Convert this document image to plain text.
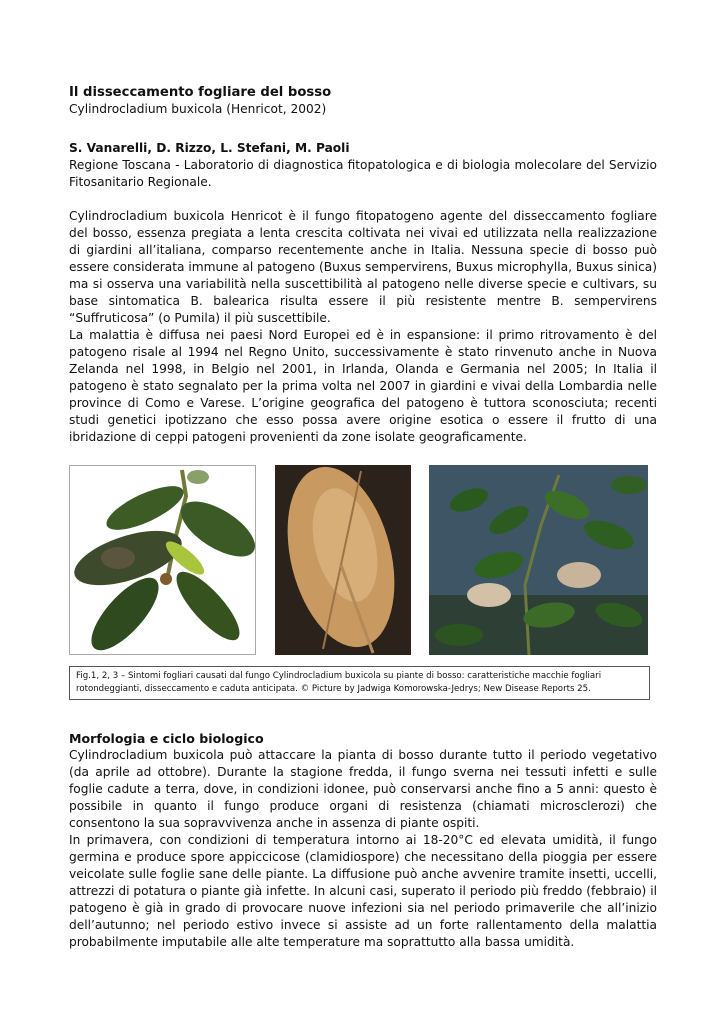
Il disseccamento fogliare del bosso

Cylindrocladium buxicola (Henricot, 2002)

S. Vanarelli, D. Rizzo, L. Stefani, M. Paoli

Regione Toscana - Laboratorio di diagnostica fitopatologica e di biologia molecolare del Servizio Fitosanitario Regionale.

Cylindrocladium buxicola Henricot è il fungo fitopatogeno agente del disseccamento fogliare del bosso, essenza pregiata a lenta crescita coltivata nei vivai ed utilizzata nella realizzazione di giardini all’italiana, comparso recentemente anche in Italia. Nessuna specie di bosso può essere considerata immune al patogeno (Buxus sempervirens, Buxus microphylla, Buxus sinica) ma si osserva una variabilità nella suscettibilità al patogeno nelle diverse specie e cultivars, su base sintomatica B. balearica risulta essere il più resistente mentre B. sempervirens “Suffruticosa” (o Pumila) il più suscettibile.

La malattia è diffusa nei paesi Nord Europei ed è in espansione: il primo ritrovamento è del patogeno risale al 1994 nel Regno Unito, successivamente è stato rinvenuto anche in Nuova Zelanda nel 1998, in Belgio nel 2001, in Irlanda, Olanda e Germania nel 2005; In Italia il patogeno è stato segnalato per la prima volta nel 2007 in giardini e vivai della Lombardia nelle province di Como e Varese. L’origine geografica del patogeno è tuttora sconosciuta; recenti studi genetici ipotizzano che esso possa avere origine esotica o essere il frutto di una ibridazione di ceppi patogeni provenienti da zone isolate geograficamente.

Fig.1, 2, 3 – Sintomi fogliari causati dal fungo Cylindrocladium buxicola su piante di bosso: caratteristiche macchie fogliari rotondeggianti, disseccamento e caduta anticipata. © Picture by Jadwiga Komorowska-Jedrys; New Disease Reports 25.

Morfologia e ciclo biologico

Cylindrocladium buxicola può attaccare la pianta di bosso durante tutto il periodo vegetativo (da aprile ad ottobre). Durante la stagione fredda, il fungo sverna nei tessuti infetti e sulle foglie cadute a terra, dove, in condizioni idonee, può conservarsi anche fino a 5 anni: questo è possibile in quanto il fungo produce organi di resistenza (chiamati microsclerozi) che consentono la sua sopravvivenza anche in assenza di piante ospiti.

In primavera, con condizioni di temperatura intorno ai 18-20°C ed elevata umidità, il fungo germina e produce spore appiccicose (clamidiospore) che necessitano della pioggia per essere veicolate sulle foglie sane delle piante. La diffusione può anche avvenire tramite insetti, uccelli, attrezzi di potatura o piante già infette. In alcuni casi, superato il periodo più freddo (febbraio) il patogeno è già in grado di provocare nuove infezioni sia nel periodo primaverile che all’inizio dell’autunno; nel periodo estivo invece si assiste ad un forte rallentamento della malattia probabilmente imputabile alle alte temperature ma soprattutto alla bassa umidità.
